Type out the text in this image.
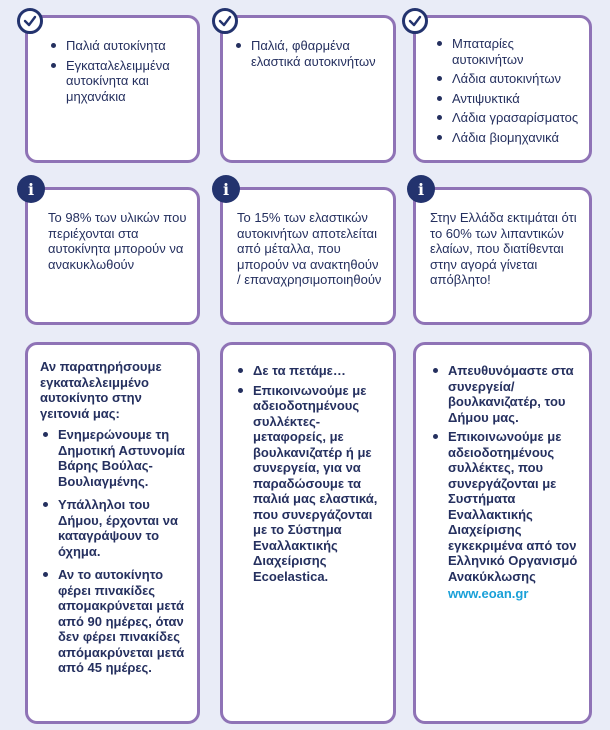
Παλιά αυτοκίνητα
Εγκαταλελειμμένα αυτοκίνητα και μηχανάκια
Παλιά, φθαρμένα ελαστικά αυτοκινήτων
Μπαταρίες αυτοκινήτων
Λάδια αυτοκινήτων
Αντιψυκτικά
Λάδια γρασαρίσματος
Λάδια βιομηχανικά
i
Το 98% των υλικών που περιέχονται στα αυτοκίνητα μπορούν να ανακυκλωθούν
i
Το 15% των ελαστικών αυτοκινήτων αποτελείται από μέταλλα, που μπορούν να ανακτηθούν / επαναχρησιμοποιηθούν
i
Στην Ελλάδα εκτιμάται ότι το 60% των λιπαντικών ελαίων, που διατίθενται στην αγορά γίνεται απόβλητο!
Αν παρατηρήσουμε εγκαταλελειμμένο αυτοκίνητο στην γειτονιά μας:
Ενημερώνουμε τη Δημοτική Αστυνομία Βάρης Βούλας-Βουλιαγμένης.
Υπάλληλοι του Δήμου, έρχονται να καταγράψουν το όχημα.
Αν το αυτοκίνητο φέρει πινακίδες απομακρύνεται μετά από 90 ημέρες, όταν δεν φέρει πινακίδες απόμακρύνεται μετά από 45 ημέρες.
Δε τα πετάμε…
Επικοινωνούμε με αδειοδοτημένους συλλέκτες-μεταφορείς, με βουλκανιζατέρ ή με συνεργεία, για να παραδώσουμε τα παλιά μας ελαστικά, που συνεργάζονται με το Σύστημα Εναλλακτικής Διαχείρισης Ecoelastica.
Απευθυνόμαστε στα συνεργεία/ βουλκανιζατέρ, του Δήμου μας.
Επικοινωνούμε με αδειοδοτημένους συλλέκτες, που συνεργάζονται με Συστήματα Εναλλακτικής Διαχείρισης εγκεκριμένα από τον Ελληνικό Οργανισμό Ανακύκλωσης
www.eoan.gr
